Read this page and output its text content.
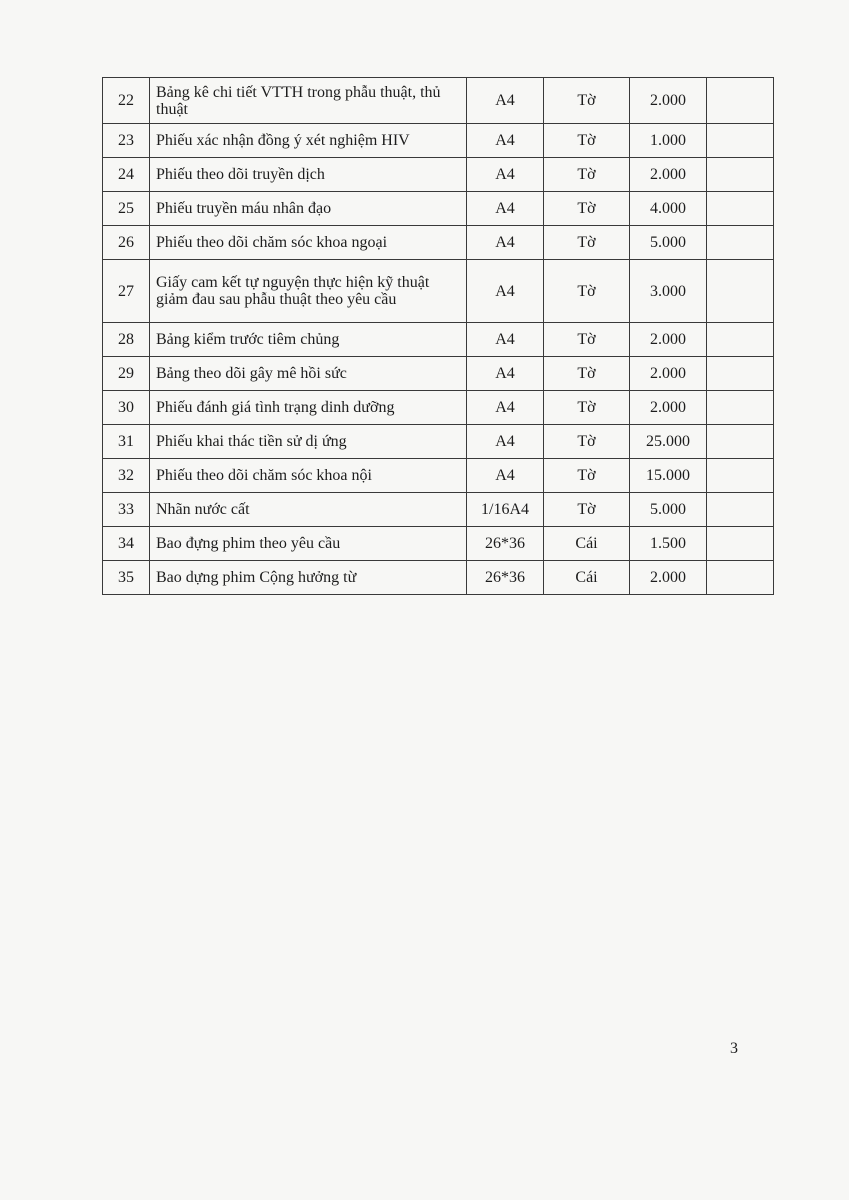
22	Bảng kê chi tiết VTTH trong phẫu thuật, thủ thuật	A4	Tờ	2.000	
23	Phiếu xác nhận đồng ý xét nghiệm HIV	A4	Tờ	1.000	
24	Phiếu theo dõi truyền dịch	A4	Tờ	2.000	
25	Phiếu truyền máu nhân đạo	A4	Tờ	4.000	
26	Phiếu theo dõi chăm sóc khoa ngoại	A4	Tờ	5.000	
27	Giấy cam kết tự nguyện thực hiện kỹ thuật giảm đau sau phẫu thuật theo yêu cầu	A4	Tờ	3.000	
28	Bảng kiểm trước tiêm chủng	A4	Tờ	2.000	
29	Bảng theo dõi gây mê hồi sức	A4	Tờ	2.000	
30	Phiếu đánh giá tình trạng dinh dưỡng	A4	Tờ	2.000	
31	Phiếu khai thác tiền sử dị ứng	A4	Tờ	25.000	
32	Phiếu theo dõi chăm sóc khoa nội	A4	Tờ	15.000	
33	Nhãn nước cất	1/16A4	Tờ	5.000	
34	Bao đựng phim theo yêu cầu	26*36	Cái	1.500	
35	Bao dựng phim Cộng hưởng từ	26*36	Cái	2.000	
3
